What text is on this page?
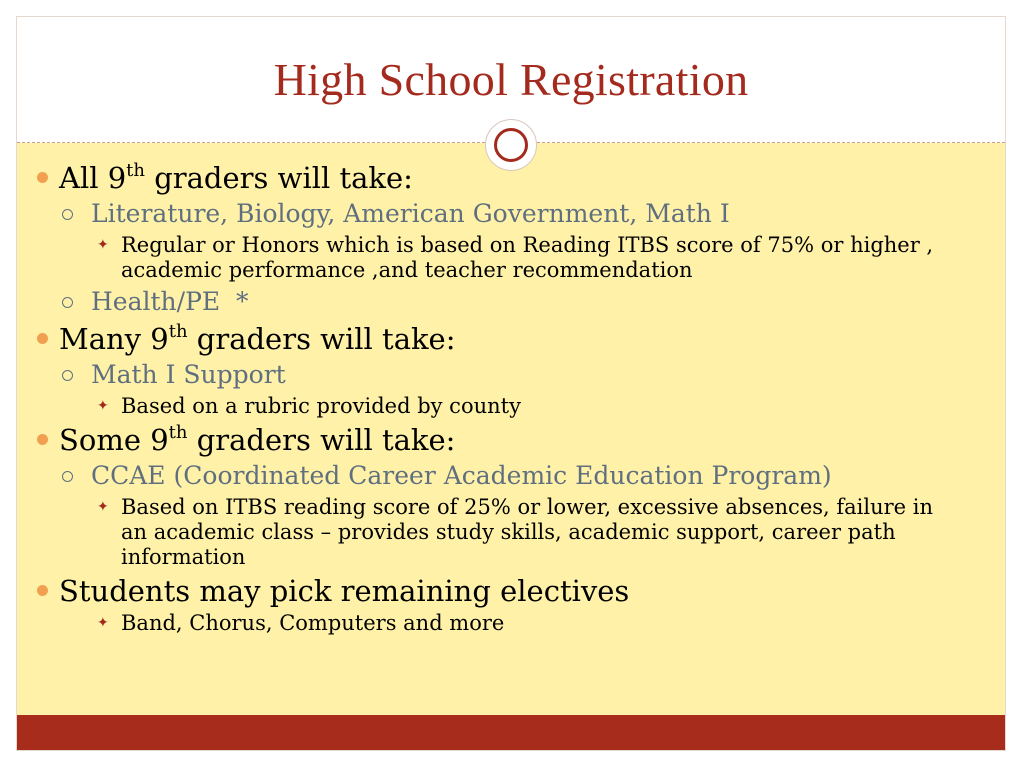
High School Registration
All 9th graders will take:
Literature, Biology, American Government, Math I
✦ Regular or Honors which is based on Reading ITBS score of 75% or higher , academic performance ,and teacher recommendation
Health/PE  *
Many 9th graders will take:
Math I Support
✦ Based on a rubric provided by county
Some 9th graders will take:
CCAE (Coordinated Career Academic Education Program)
✦ Based on ITBS reading score of 25% or lower, excessive absences, failure in an academic class – provides study skills, academic support, career path information
Students may pick remaining electives
✦ Band, Chorus, Computers and more
